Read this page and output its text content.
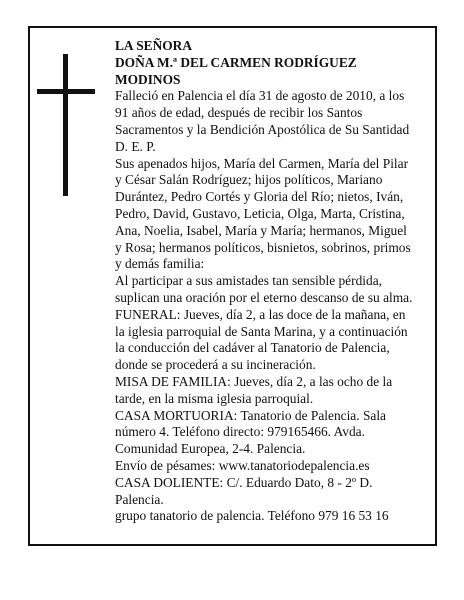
LA SEÑORA
DOÑA M.ª DEL CARMEN RODRÍGUEZ
MODINOS
Falleció en Palencia el día 31 de agosto de 2010, a los
91 años de edad, después de recibir los Santos
Sacramentos y la Bendición Apostólica de Su Santidad
D. E. P.
Sus apenados hijos, María del Carmen, María del Pilar
y César Salán Rodríguez; hijos políticos, Mariano
Durántez, Pedro Cortés y Gloria del Río; nietos, Iván,
Pedro, David, Gustavo, Leticia, Olga, Marta, Cristina,
Ana, Noelia, Isabel, María y María; hermanos, Miguel
y Rosa; hermanos políticos, bisnietos, sobrinos, primos
y demás familia:
Al participar a sus amistades tan sensible pérdida,
suplican una oración por el eterno descanso de su alma.
FUNERAL: Jueves, día 2, a las doce de la mañana, en
la iglesia parroquial de Santa Marina, y a continuación
la conducción del cadáver al Tanatorio de Palencia,
donde se procederá a su incineración.
MISA DE FAMILIA: Jueves, día 2, a las ocho de la
tarde, en la misma iglesia parroquial.
CASA MORTUORIA: Tanatorio de Palencia. Sala
número 4. Teléfono directo: 979165466. Avda.
Comunidad Europea, 2-4. Palencia.
Envío de pésames: www.tanatoriodepalencia.es
CASA DOLIENTE: C/. Eduardo Dato, 8 - 2º D.
Palencia.
grupo tanatorio de palencia. Teléfono 979 16 53 16
